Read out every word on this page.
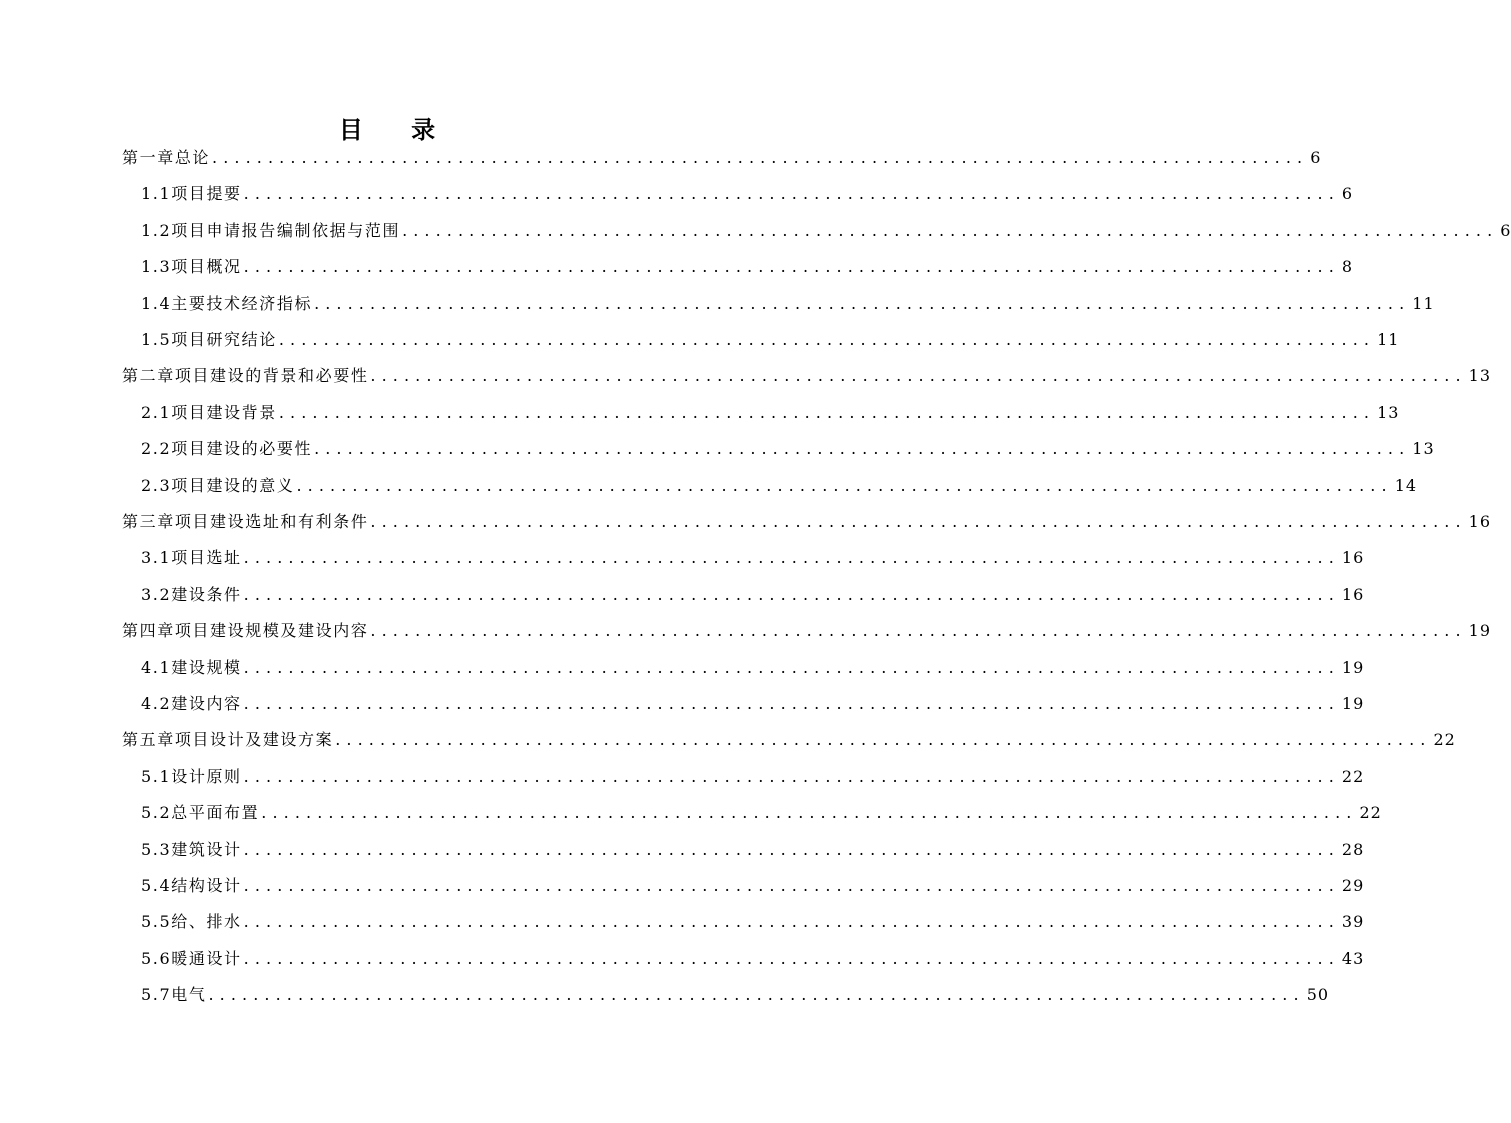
目 录
第一章 总论 .................................................................................................. 6
1.1 项目提要 .................................................................................................. 6
1.2 项目申请报告编制依据与范围 .................................................................................................. 6
1.3 项目概况 .................................................................................................. 8
1.4 主要技术经济指标 .................................................................................................. 11
1.5 项目研究结论 .................................................................................................. 11
第二章 项目建设的背景和必要性 .................................................................................................. 13
2.1 项目建设背景 .................................................................................................. 13
2.2 项目建设的必要性 .................................................................................................. 13
2.3 项目建设的意义 .................................................................................................. 14
第三章 项目建设选址和有利条件 .................................................................................................. 16
3.1 项目选址 .................................................................................................. 16
3.2 建设条件 .................................................................................................. 16
第四章 项目建设规模及建设内容 .................................................................................................. 19
4.1 建设规模 .................................................................................................. 19
4.2 建设内容 .................................................................................................. 19
第五章 项目设计及建设方案 .................................................................................................. 22
5.1 设计原则 .................................................................................................. 22
5.2 总平面布置 .................................................................................................. 22
5.3 建筑设计 .................................................................................................. 28
5.4 结构设计 .................................................................................................. 29
5.5 给、排水 .................................................................................................. 39
5.6 暖通设计 .................................................................................................. 43
5.7 电气 .................................................................................................. 50
